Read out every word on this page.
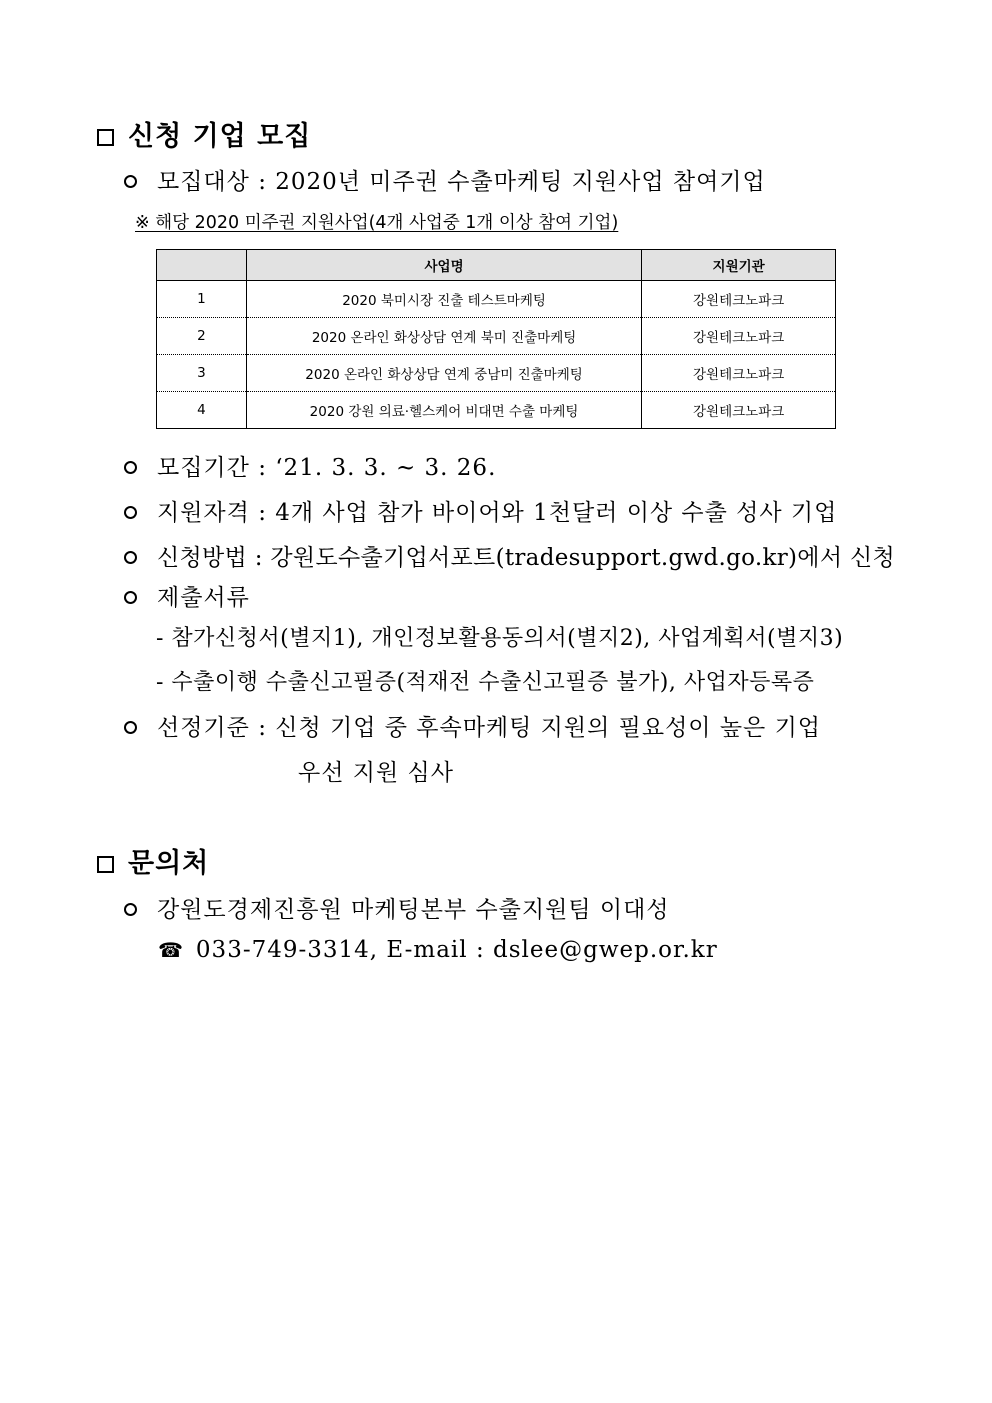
신청 기업 모집
모집대상 : 2020년 미주권 수출마케팅 지원사업 참여기업
※ 해당 2020 미주권 지원사업(4개 사업중 1개 이상 참여 기업)
	사업명	지원기관
1	2020 북미시장 진출 테스트마케팅	강원테크노파크
2	2020 온라인 화상상담 연계 북미 진출마케팅	강원테크노파크
3	2020 온라인 화상상담 연계 중남미 진출마케팅	강원테크노파크
4	2020 강원 의료·헬스케어 비대면 수출 마케팅	강원테크노파크
모집기간 : ‘21. 3. 3. ~ 3. 26.
지원자격 : 4개 사업 참가 바이어와 1천달러 이상 수출 성사 기업
신청방법 : 강원도수출기업서포트(tradesupport.gwd.go.kr)에서 신청
제출서류
- 참가신청서(별지1), 개인정보활용동의서(별지2), 사업계획서(별지3)
- 수출이행 수출신고필증(적재전 수출신고필증 불가), 사업자등록증
선정기준 : 신청 기업 중 후속마케팅 지원의 필요성이 높은 기업
우선 지원 심사
문의처
강원도경제진흥원 마케팅본부 수출지원팀 이대성
☎ 033-749-3314, E-mail : dslee@gwep.or.kr
